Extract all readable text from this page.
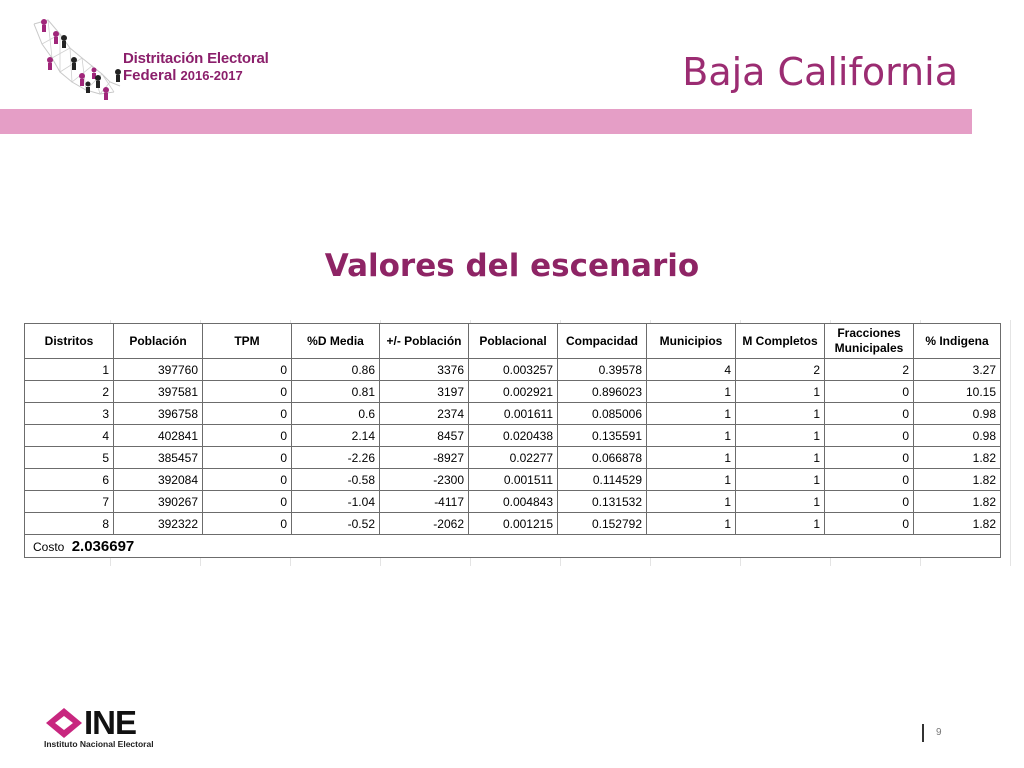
Distritación Electoral
Federal 2016-2017	Baja California
Valores del escenario
Distritos	Población	TPM	%D Media	+/- Población	Poblacional	Compacidad	Municipios	M Completos	Fracciones Municipales	% Indigena
1	397760	0	0.86	3376	0.003257	0.39578	4	2	2	3.27
2	397581	0	0.81	3197	0.002921	0.896023	1	1	0	10.15
3	396758	0	0.6	2374	0.001611	0.085006	1	1	0	0.98
4	402841	0	2.14	8457	0.020438	0.135591	1	1	0	0.98
5	385457	0	-2.26	-8927	0.02277	0.066878	1	1	0	1.82
6	392084	0	-0.58	-2300	0.001511	0.114529	1	1	0	1.82
7	390267	0	-1.04	-4117	0.004843	0.131532	1	1	0	1.82
8	392322	0	-0.52	-2062	0.001215	0.152792	1	1	0	1.82
Costo 2.036697										
INE
Instituto Nacional Electoral
9
